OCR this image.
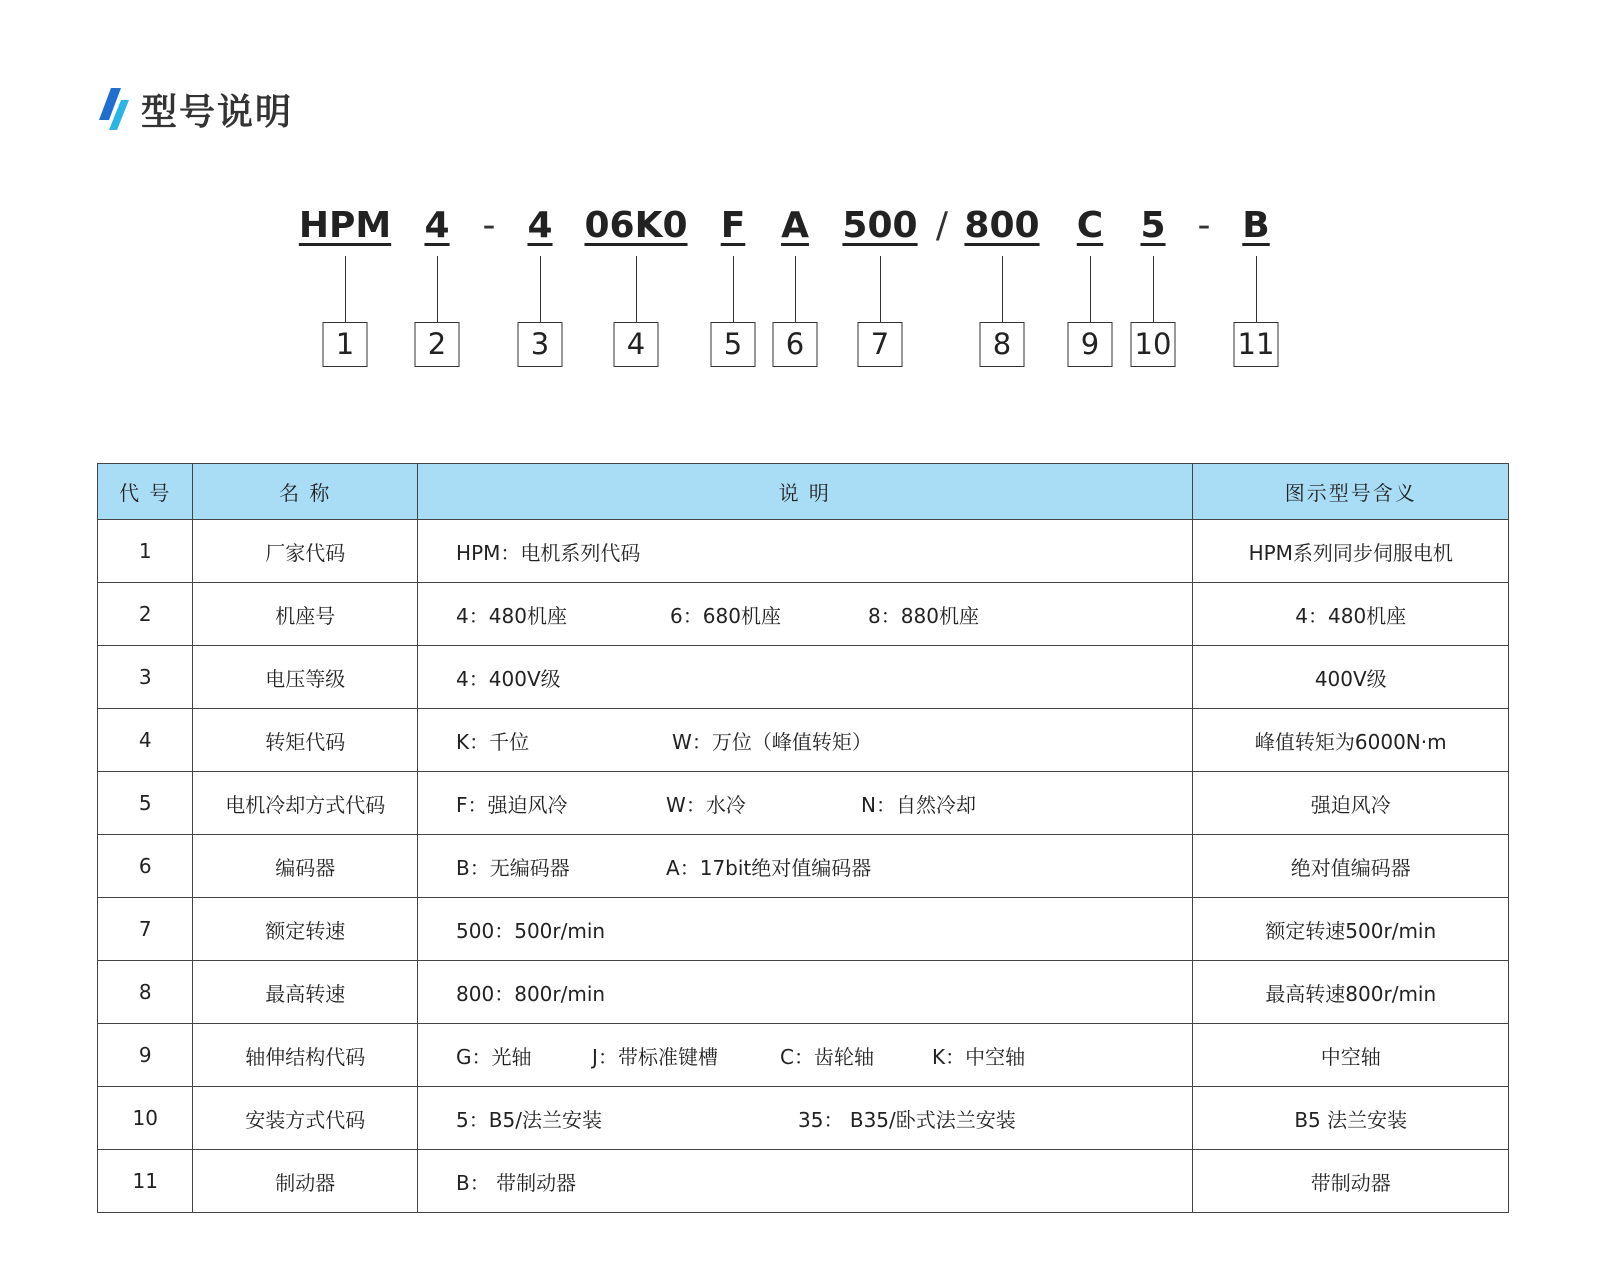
型号说明
HPM 4 - 4 06K0 F A 500 / 800 C 5 - B
1	2	3	4	5	6	7	8	9	10 11
代 号	名 称	说 明	图示型号含义
1	厂家代码	HPM：电机系列代码	HPM系列同步伺服电机
2	机座号	4：480机座 6：680机座 8：880机座	4：480机座
3	电压等级	4：400V级	400V级
4	转矩代码	K：千位 W：万位（峰值转矩）	峰值转矩为6000N·m
5	电机冷却方式代码	F：强迫风冷 W：水冷 N：自然冷却	强迫风冷
6	编码器	B：无编码器 A：17bit绝对值编码器	绝对值编码器
7	额定转速	500：500r/min	额定转速500r/min
8	最高转速	800：800r/min	最高转速800r/min
9	轴伸结构代码	G：光轴 J：带标准键槽 C：齿轮轴 K：中空轴	中空轴
10	安装方式代码	5：B5/法兰安装 35： B35/卧式法兰安装	B5 法兰安装
11	制动器	B： 带制动器	带制动器
